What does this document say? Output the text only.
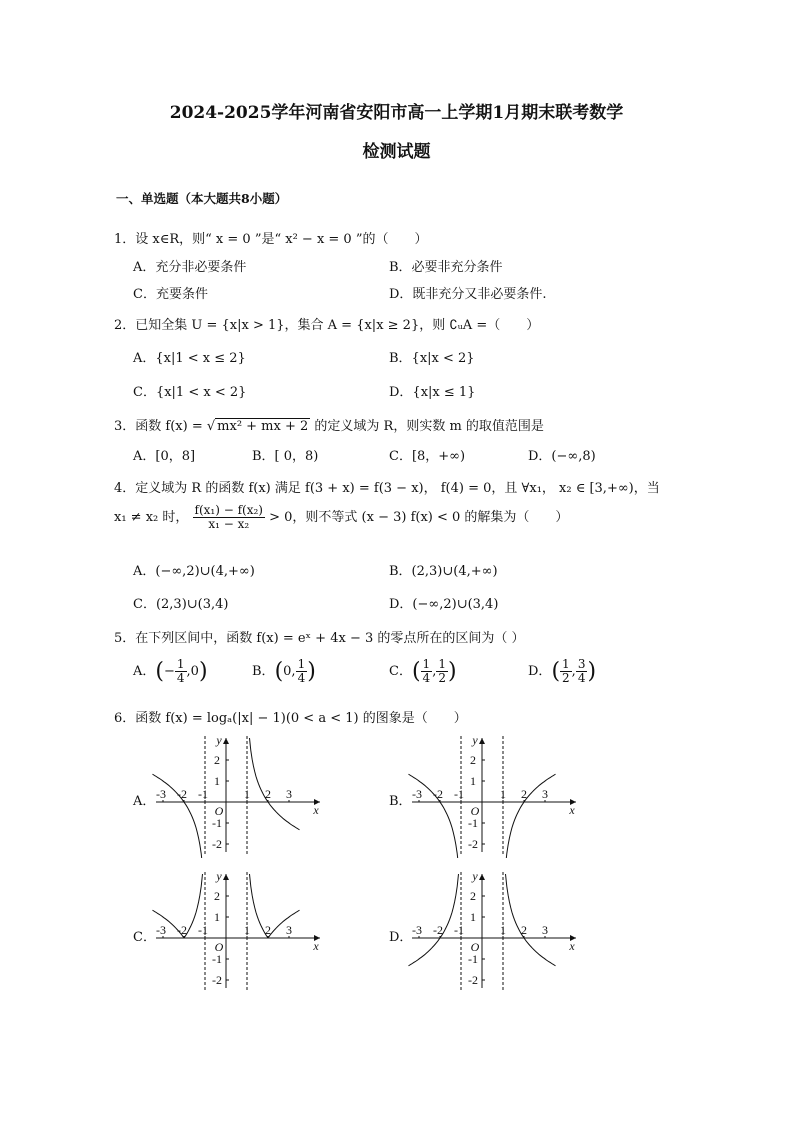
2024-2025学年河南省安阳市高一上学期1月期末联考数学
检测试题
一、单选题（本大题共8小题）
1．设 x∈R，则“ x = 0 ”是“ x² − x = 0 ”的（　　）
A．充分非必要条件	B．必要非充分条件
C．充要条件	D．既非充分又非必要条件.
2．已知全集 U = {x|x > 1}，集合 A = {x|x ≥ 2}，则 ∁ᵤA =（　　）
A．{x|1 < x ≤ 2}	B．{x|x < 2}
C．{x|1 < x < 2}	D．{x|x ≤ 1}
3．函数 f(x) = √ mx² + mx + 2 的定义域为 R，则实数 m 的取值范围是
A．[0，8]	B．[ 0，8)	C．[8，+∞)	D．(−∞,8)
4．定义域为 R 的函数 f(x) 满足 f(3 + x) = f(3 − x)， f(4) = 0，且 ∀x₁， x₂ ∈ [3,+∞)，当
x₁ ≠ x₂ 时， $\frac{\text{f(x₁) − f(x₂)}}{\text{x₁ − x₂}} > 0$，则不等式 (x − 3) f(x) < 0 的解集为（　　）
A．(−∞,2)∪(4,+∞)	B．(2,3)∪(4,+∞)
C．(2,3)∪(3,4)	D．(−∞,2)∪(3,4)
5．在下列区间中，函数 f(x) = eˣ + 4x − 3 的零点所在的区间为（ ）
A．(− $\frac{1}{4} ,0$)	B．(0, $\frac{1}{4}$ )	C．( $\frac{1}{4}$ , $\frac{1}{2}$ )	D．( $\frac{1}{2}$ , $\frac{3}{4}$ )
6．函数 f(x) = logₐ(|x| − 1)(0 < a < 1) 的图象是（　　）
A．	B．
C．	D．
-3 -2 -1	1 2 3
2
1
-1
-2
O	x
y
-3 -2 -1	1 2 3
2
1
-1
-2
O	x
y
-3 -2 -1	1 2 3
2
1
-1
-2
O	x
y
-3 -2 -1	1 2 3
2
1
-1
-2
O	x
y
